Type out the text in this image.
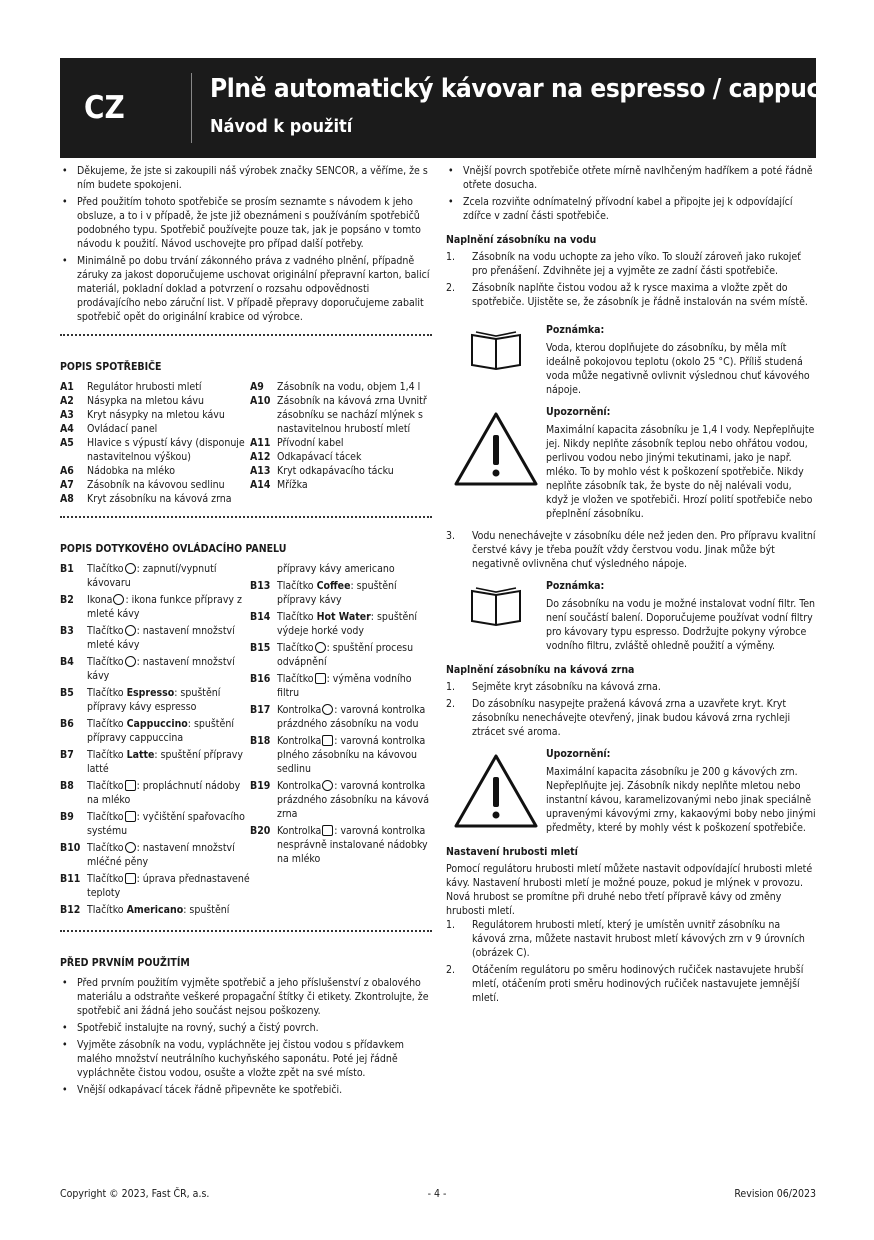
CZ
Plně automatický kávovar na espresso / cappuccino
Návod k použití
• Děkujeme, že jste si zakoupili náš výrobek značky SENCOR, a věříme, že s ním budete spokojeni.
• Před použitím tohoto spotřebiče se prosím seznamte s návodem k jeho obsluze, a to i v případě, že jste již obeznámeni s používáním spotřebičů podobného typu. Spotřebič používejte pouze tak, jak je popsáno v tomto návodu k použití. Návod uschovejte pro případ další potřeby.
• Minimálně po dobu trvání zákonného práva z vadného plnění, případně záruky za jakost doporučujeme uschovat originální přepravní karton, balicí materiál, pokladní doklad a potvrzení o rozsahu odpovědnosti prodávajícího nebo záruční list. V případě přepravy doporučujeme zabalit spotřebič opět do originální krabice od výrobce.
POPIS SPOTŘEBIČE
A1	Regulátor hrubosti mletí
A2	Násypka na mletou kávu
A3	Kryt násypky na mletou kávu
A4	Ovládací panel
A5	Hlavice s výpustí kávy (disponuje nastavitelnou výškou)
A6	Nádobka na mléko
A7	Zásobník na kávovou sedlinu
A8	Kryt zásobníku na kávová zrna
A9	Zásobník na vodu, objem 1,4 l
A10 Zásobník na kávová zrna Uvnitř zásobníku se nachází mlýnek s nastavitelnou hrubostí mletí
A11 Přívodní kabel
A12 Odkapávací tácek
A13 Kryt odkapávacího tácku
A14 Mřížka
POPIS DOTYKOVÉHO OVLÁDACÍHO PANELU
B1	Tlačítko : zapnutí/vypnutí kávovaru
B2	Ikona : ikona funkce přípravy z mleté kávy
B3	Tlačítko : nastavení množství mleté kávy
B4	Tlačítko : nastavení množství kávy
B5	Tlačítko Espresso: spuštění přípravy kávy espresso
B6	Tlačítko Cappuccino: spuštění přípravy cappuccina
B7	Tlačítko Latte: spuštění přípravy latté
B8	Tlačítko : propláchnutí nádoby na mléko
B9	Tlačítko : vyčištění spařovacího systému
B10 Tlačítko : nastavení množství mléčné pěny
B11 Tlačítko : úprava přednastavené teploty
B12 Tlačítko Americano: spuštění
přípravy kávy americano
B13 Tlačítko Coffee: spuštění přípravy kávy
B14 Tlačítko Hot Water: spuštění výdeje horké vody
B15 Tlačítko : spuštění procesu odvápnění
B16 Tlačítko : výměna vodního filtru
B17 Kontrolka : varovná kontrolka prázdného zásobníku na vodu
B18 Kontrolka : varovná kontrolka plného zásobníku na kávovou sedlinu
B19 Kontrolka : varovná kontrolka prázdného zásobníku na kávová zrna
B20 Kontrolka : varovná kontrolka nesprávně instalované nádobky na mléko
PŘED PRVNÍM POUŽITÍM
• Před prvním použitím vyjměte spotřebič a jeho příslušenství z obalového materiálu a odstraňte veškeré propagační štítky či etikety. Zkontrolujte, že spotřebič ani žádná jeho součást nejsou poškozeny.
• Spotřebič instalujte na rovný, suchý a čistý povrch.
• Vyjměte zásobník na vodu, vypláchněte jej čistou vodou s přídavkem malého množství neutrálního kuchyňského saponátu. Poté jej řádně vypláchněte čistou vodou, osušte a vložte zpět na své místo.
• Vnější odkapávací tácek řádně připevněte ke spotřebiči.
• Vnější povrch spotřebiče otřete mírně navlhčeným hadříkem a poté řádně otřete dosucha.
• Zcela rozviňte odnímatelný přívodní kabel a připojte jej k odpovídající zdířce v zadní části spotřebiče.
Naplnění zásobníku na vodu
1. Zásobník na vodu uchopte za jeho víko. To slouží zároveň jako rukojeť pro přenášení. Zdvihněte jej a vyjměte ze zadní části spotřebiče.
2. Zásobník naplňte čistou vodou až k rysce maxima a vložte zpět do spotřebiče. Ujistěte se, že zásobník je řádně instalován na svém místě.
Poznámka:
Voda, kterou doplňujete do zásobníku, by měla mít ideálně pokojovou teplotu (okolo 25 °C). Příliš studená voda může negativně ovlivnit výslednou chuť kávového nápoje.
Upozornění:
Maximální kapacita zásobníku je 1,4 l vody. Nepřeplňujte jej. Nikdy neplňte zásobník teplou nebo ohřátou vodou, perlivou vodou nebo jinými tekutinami, jako je např. mléko. To by mohlo vést k poškození spotřebiče. Nikdy neplňte zásobník tak, že byste do něj nalévali vodu, když je vložen ve spotřebiči. Hrozí polití spotřebiče nebo přeplnění zásobníku.
3. Vodu nenechávejte v zásobníku déle než jeden den. Pro přípravu kvalitní čerstvé kávy je třeba použít vždy čerstvou vodu. Jinak může být negativně ovlivněna chuť výsledného nápoje.
Poznámka:
Do zásobníku na vodu je možné instalovat vodní filtr. Ten není součástí balení. Doporučujeme používat vodní filtry pro kávovary typu espresso. Dodržujte pokyny výrobce vodního filtru, zvláště ohledně použití a výměny.
Naplnění zásobníku na kávová zrna
1. Sejměte kryt zásobníku na kávová zrna.
2. Do zásobníku nasypejte pražená kávová zrna a uzavřete kryt. Kryt zásobníku nenechávejte otevřený, jinak budou kávová zrna rychleji ztrácet své aroma.
Upozornění:
Maximální kapacita zásobníku je 200 g kávových zrn. Nepřeplňujte jej. Zásobník nikdy neplňte mletou nebo instantní kávou, karamelizovanými nebo jinak speciálně upravenými kávovými zrny, kakaovými boby nebo jinými předměty, které by mohly vést k poškození spotřebiče.
Nastavení hrubosti mletí
Pomocí regulátoru hrubosti mletí můžete nastavit odpovídající hrubosti mleté kávy. Nastavení hrubosti mletí je možné pouze, pokud je mlýnek v provozu. Nová hrubost se promítne při druhé nebo třetí přípravě kávy od změny hrubosti mletí.
1. Regulátorem hrubosti mletí, který je umístěn uvnitř zásobníku na kávová zrna, můžete nastavit hrubost mletí kávových zrn v 9 úrovních (obrázek C).
2. Otáčením regulátoru po směru hodinových ručiček nastavujete hrubší mletí, otáčením proti směru hodinových ručiček nastavujete jemnější mletí.
Copyright © 2023, Fast ČR, a.s.	- 4 -	Revision 06/2023
